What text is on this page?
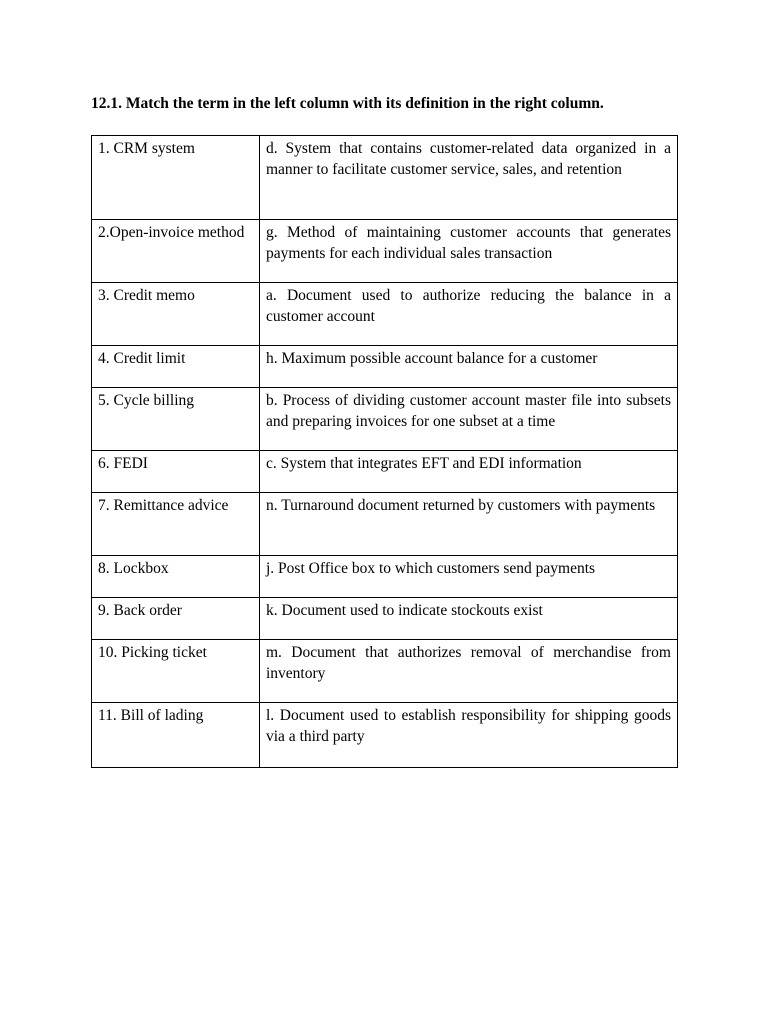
12.1. Match the term in the left column with its definition in the right column.
1. CRM system	d. System that contains customer-related data organized in a manner to facilitate customer service, sales, and retention
2.Open-invoice method	g. Method of maintaining customer accounts that generates payments for each individual sales transaction
3. Credit memo	a. Document used to authorize reducing the balance in a customer account
4. Credit limit	h. Maximum possible account balance for a customer
5. Cycle billing	b. Process of dividing customer account master file into subsets and preparing invoices for one subset at a time
6. FEDI	c. System that integrates EFT and EDI information
7. Remittance advice	n. Turnaround document returned by customers with payments
8. Lockbox	j. Post Office box to which customers send payments
9. Back order	k. Document used to indicate stockouts exist
10. Picking ticket	m. Document that authorizes removal of merchandise from inventory
11. Bill of lading	l. Document used to establish responsibility for shipping goods via a third party
